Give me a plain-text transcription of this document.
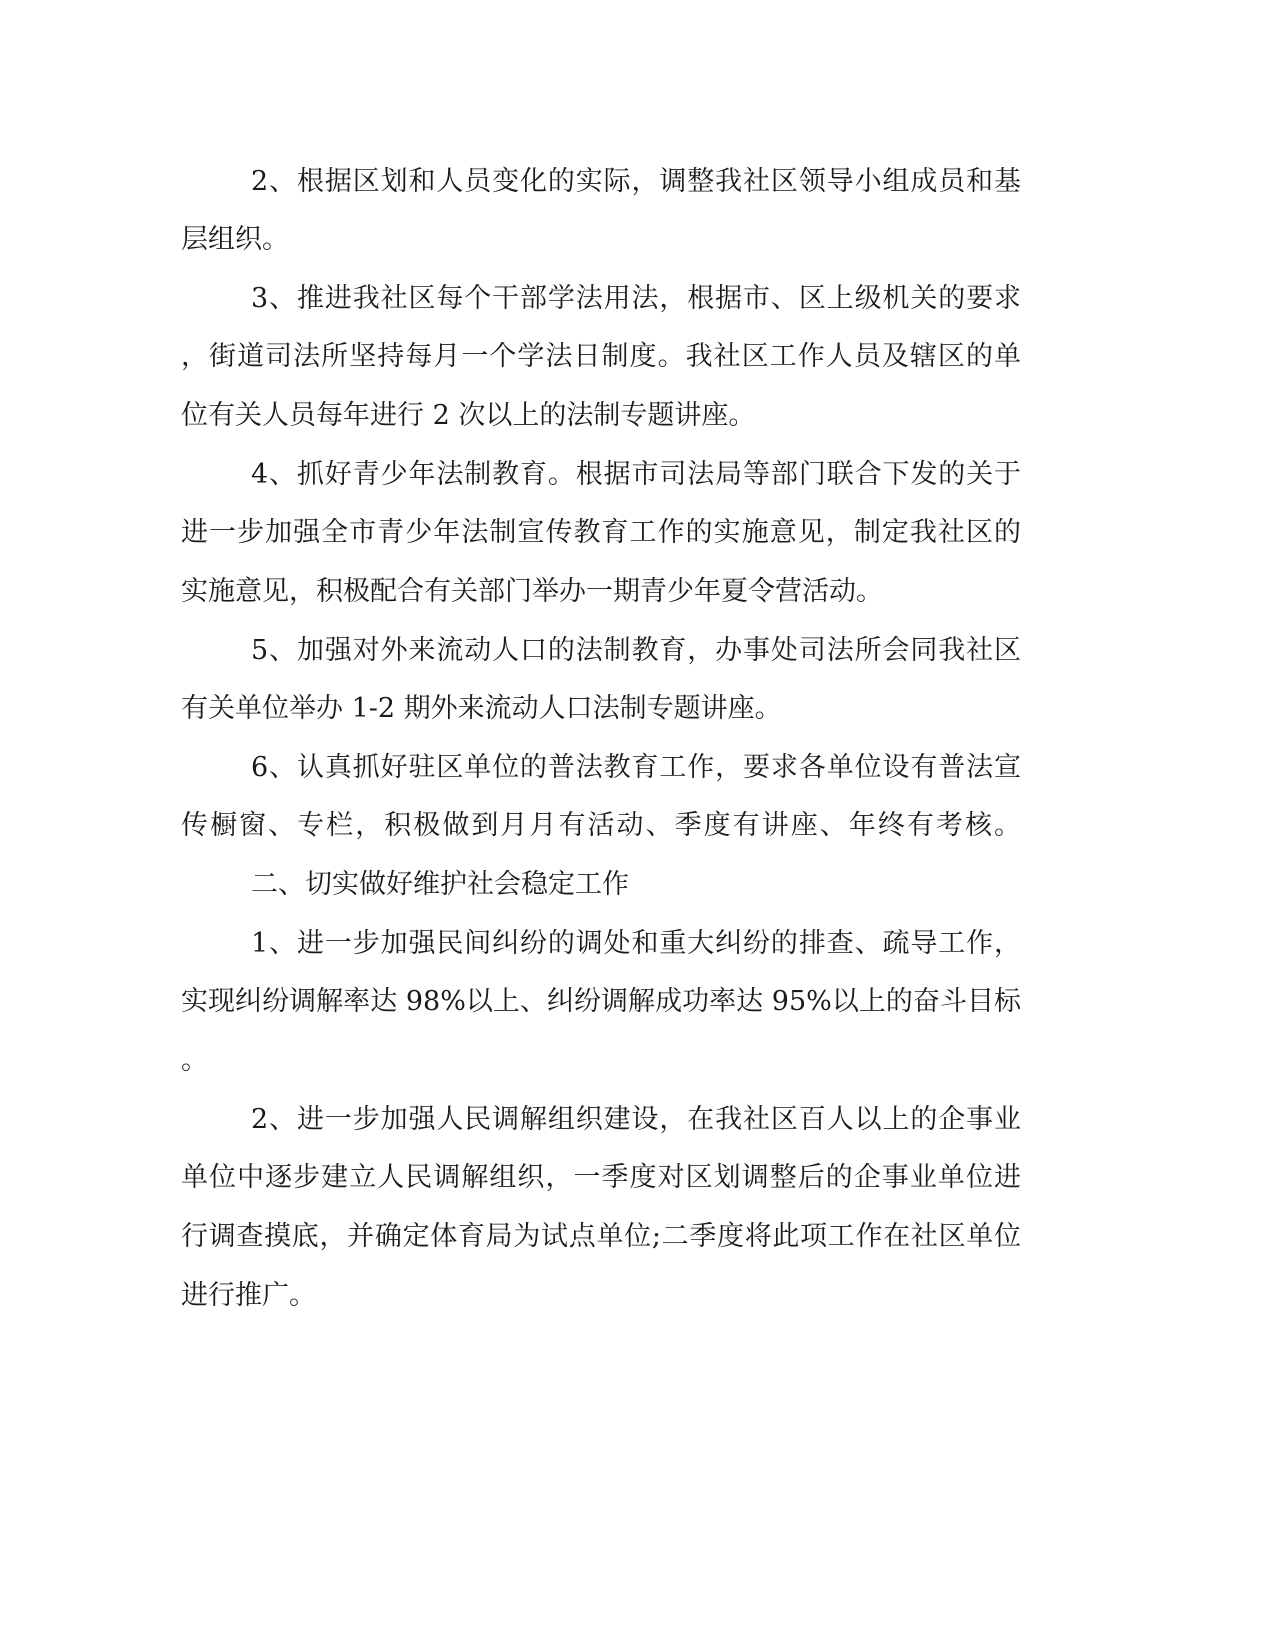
2、根据区划和人员变化的实际，调整我社区领导小组成员和基
层组织。
3、推进我社区每个干部学法用法，根据市、区上级机关的要求
，街道司法所坚持每月一个学法日制度。我社区工作人员及辖区的单
位有关人员每年进行 2 次以上的法制专题讲座。
4、抓好青少年法制教育。根据市司法局等部门联合下发的关于
进一步加强全市青少年法制宣传教育工作的实施意见，制定我社区的
实施意见，积极配合有关部门举办一期青少年夏令营活动。
5、加强对外来流动人口的法制教育，办事处司法所会同我社区
有关单位举办 1-2 期外来流动人口法制专题讲座。
6、认真抓好驻区单位的普法教育工作，要求各单位设有普法宣
传橱窗、专栏，积极做到月月有活动、季度有讲座、年终有考核。
二、切实做好维护社会稳定工作
1、进一步加强民间纠纷的调处和重大纠纷的排查、疏导工作，
实现纠纷调解率达 98%以上、纠纷调解成功率达 95%以上的奋斗目标
。
2、进一步加强人民调解组织建设，在我社区百人以上的企事业
单位中逐步建立人民调解组织，一季度对区划调整后的企事业单位进
行调查摸底，并确定体育局为试点单位;二季度将此项工作在社区单位
进行推广。
